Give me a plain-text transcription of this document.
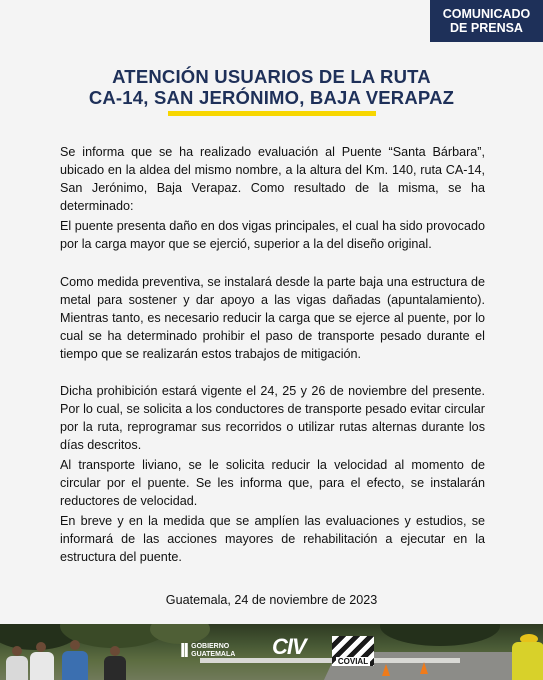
COMUNICADO
DE PRENSA
ATENCIÓN USUARIOS DE LA RUTA
CA-14, SAN JERÓNIMO, BAJA VERAPAZ

Se informa que se ha realizado evaluación al Puente “Santa Bárbara”, ubicado en la aldea del mismo nombre, a la altura del Km. 140, ruta CA-14, San Jerónimo, Baja Verapaz. Como resultado de la misma, se ha determinado:

El puente presenta daño en dos vigas principales, el cual ha sido provocado por la carga mayor que se ejerció, superior a la del diseño original.

Como medida preventiva, se instalará desde la parte baja una estructura de metal para sostener y dar apoyo a las vigas dañadas (apuntalamiento). Mientras tanto, es necesario reducir la carga que se ejerce al puente, por lo cual se ha determinado prohibir el paso de transporte pesado durante el tiempo que se realizarán estos trabajos de mitigación.

Dicha prohibición estará vigente el 24, 25 y 26 de noviembre del presente. Por lo cual, se solicita a los conductores de transporte pesado evitar circular por la ruta, reprogramar sus recorridos o utilizar rutas alternas durante los días descritos.

Al transporte liviano, se le solicita reducir la velocidad al momento de circular por el puente. Se les informa que, para el efecto, se instalarán reductores de velocidad.

En breve y en la medida que se amplíen las evaluaciones y estudios, se informará de las acciones mayores de rehabilitación a ejecutar en la estructura del puente.

Guatemala, 24 de noviembre de 2023
II GOBIERNO
GUATEMALA CIV
COVIAL
